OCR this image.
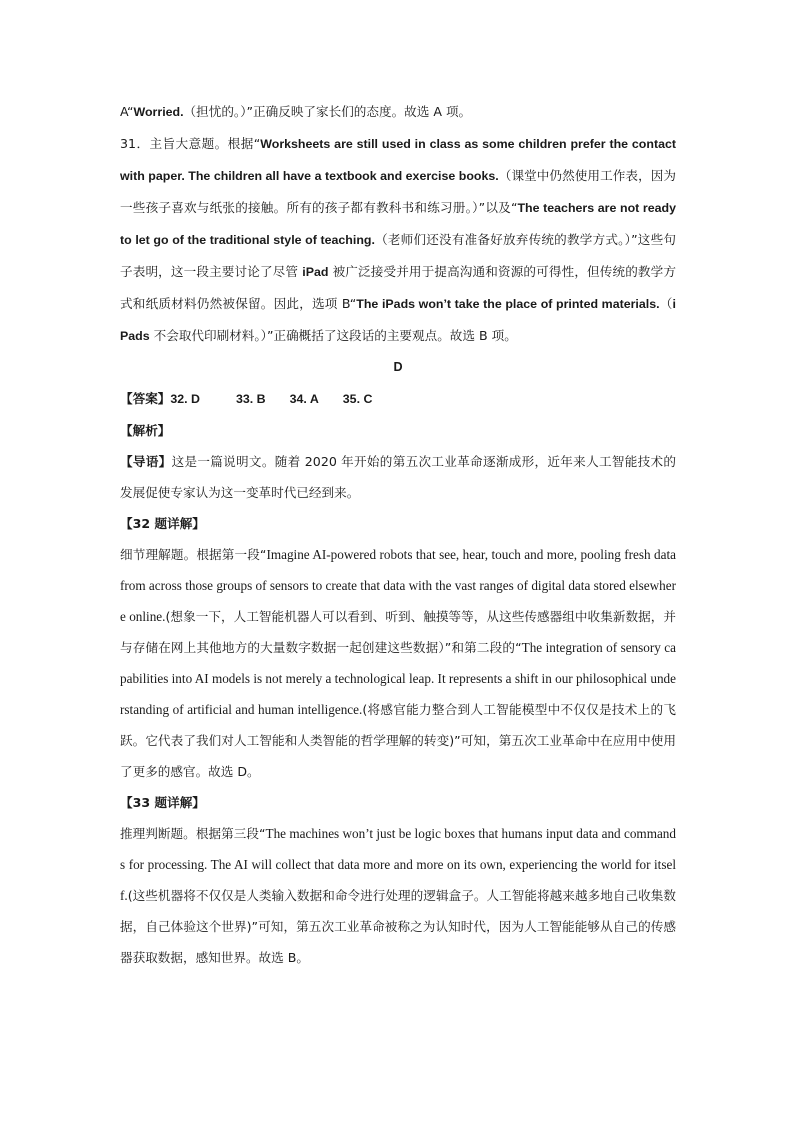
A“Worried.（担忧的。）”正确反映了家长们的态度。故选 A 项。

31．主旨大意题。根据“Worksheets are still used in class as some children prefer the contact with paper. The children all have a textbook and exercise books.（课堂中仍然使用工作表，因为一些孩子喜欢与纸张的接触。所有的孩子都有教科书和练习册。）”以及“The teachers are not ready to let go of the traditional style of teaching.（老师们还没有准备好放弃传统的教学方式。）”这些句子表明，这一段主要讨论了尽管 iPad 被广泛接受并用于提高沟通和资源的可得性，但传统的教学方式和纸质材料仍然被保留。因此，选项 B“The iPads won’t take the place of printed materials.（iPads 不会取代印刷材料。）”正确概括了这段话的主要观点。故选 B 项。

D

【答案】32. D	33. B 34. A 35. C

【解析】

【导语】这是一篇说明文。随着 2020 年开始的第五次工业革命逐渐成形，近年来人工智能技术的发展促使专家认为这一变革时代已经到来。

【32 题详解】

细节理解题。根据第一段“Imagine AI-powered robots that see, hear, touch and more, pooling fresh data from across those groups of sensors to create that data with the vast ranges of digital data stored elsewhere online.(想象一下，人工智能机器人可以看到、听到、触摸等等，从这些传感器组中收集新数据，并与存储在网上其他地方的大量数字数据一起创建这些数据）”和第二段的“The integration of sensory capabilities into AI models is not merely a technological leap. It represents a shift in our philosophical understanding of artificial and human intelligence.(将感官能力整合到人工智能模型中不仅仅是技术上的飞跃。它代表了我们对人工智能和人类智能的哲学理解的转变)”可知，第五次工业革命中在应用中使用了更多的感官。故选 D。

【33 题详解】

推理判断题。根据第三段“The machines won’t just be logic boxes that humans input data and commands for processing. The AI will collect that data more and more on its own, experiencing the world for itself.(这些机器将不仅仅是人类输入数据和命令进行处理的逻辑盒子。人工智能将越来越多地自己收集数据，自己体验这个世界)”可知，第五次工业革命被称之为认知时代，因为人工智能能够从自己的传感器获取数据，感知世界。故选 B。
